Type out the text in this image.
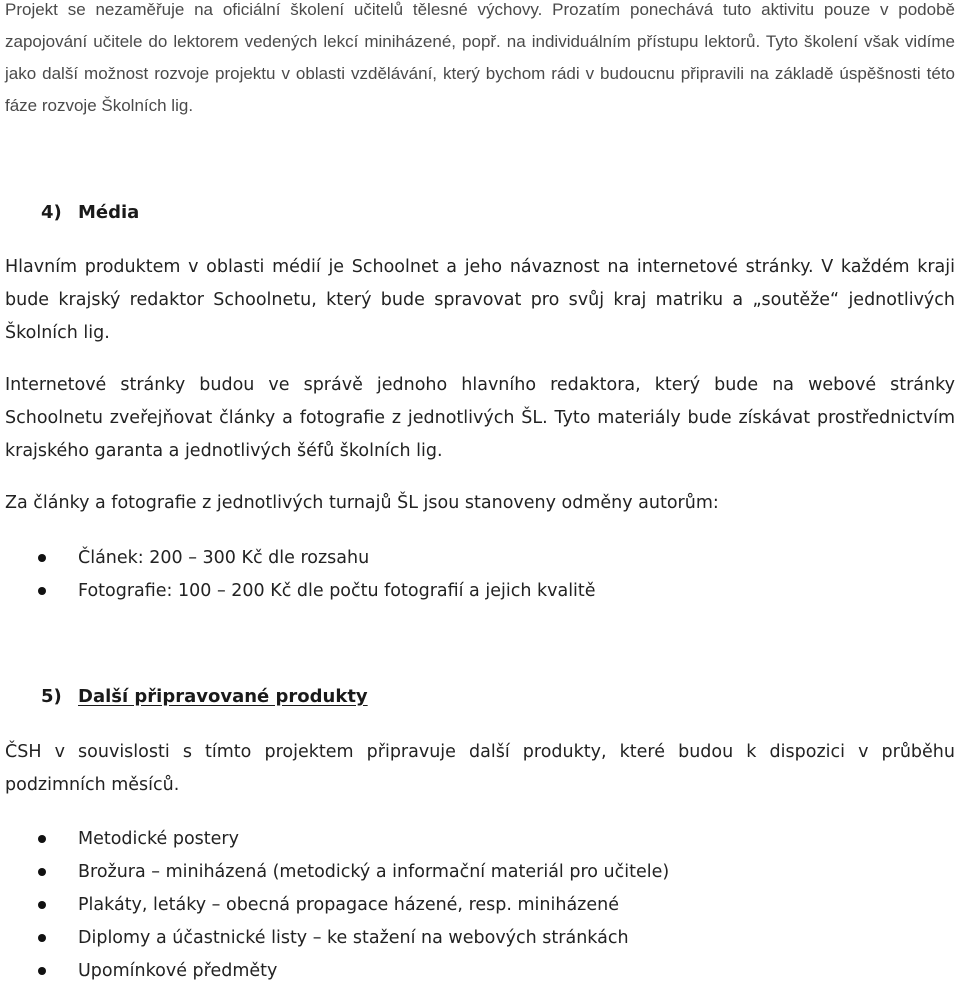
Projekt se nezaměřuje na oficiální školení učitelů tělesné výchovy. Prozatím ponechává tuto aktivitu pouze v podobě zapojování učitele do lektorem vedených lekcí miniházené, popř. na individuálním přístupu lektorů. Tyto školení však vidíme jako další možnost rozvoje projektu v oblasti vzdělávání, který bychom rádi v budoucnu připravili na základě úspěšnosti této fáze rozvoje Školních lig.

4) Média

Hlavním produktem v oblasti médií je Schoolnet a jeho návaznost na internetové stránky. V každém kraji bude krajský redaktor Schoolnetu, který bude spravovat pro svůj kraj matriku a „soutěže“ jednotlivých Školních lig.

Internetové stránky budou ve správě jednoho hlavního redaktora, který bude na webové stránky Schoolnetu zveřejňovat články a fotografie z jednotlivých ŠL. Tyto materiály bude získávat prostřednictvím krajského garanta a jednotlivých šéfů školních lig.

Za články a fotografie z jednotlivých turnajů ŠL jsou stanoveny odměny autorům:

Článek: 200 – 300 Kč dle rozsahu
Fotografie: 100 – 200 Kč dle počtu fotografií a jejich kvalitě
5) Další připravované produkty

ČSH v souvislosti s tímto projektem připravuje další produkty, které budou k dispozici v průběhu podzimních měsíců.

Metodické postery
Brožura – miniházená (metodický a informační materiál pro učitele)
Plakáty, letáky – obecná propagace házené, resp. miniházené
Diplomy a účastnické listy – ke stažení na webových stránkách
Upomínkové předměty
